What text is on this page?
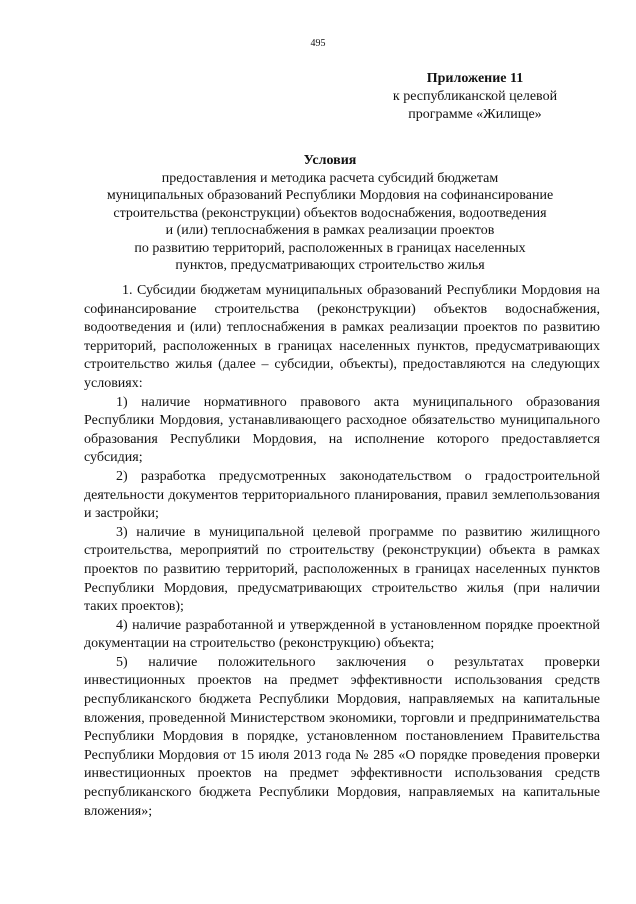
495
Приложение 11
к республиканской целевой
программе «Жилище»
Условия
предоставления и методика расчета субсидий бюджетам
муниципальных образований Республики Мордовия на софинансирование
строительства (реконструкции) объектов водоснабжения, водоотведения
и (или) теплоснабжения в рамках реализации проектов
по развитию территорий, расположенных в границах населенных
пунктов, предусматривающих строительство жилья

1. Субсидии бюджетам муниципальных образований Республики Мордовия на софинансирование строительства (реконструкции) объектов водоснабжения, водоотведения и (или) теплоснабжения в рамках реализации проектов по развитию территорий, расположенных в границах населенных пунктов, предусматривающих строительство жилья (далее – субсидии, объекты), предоставляются на следующих условиях:

1) наличие нормативного правового акта муниципального образования Республики Мордовия, устанавливающего расходное обязательство муниципального образования Республики Мордовия, на исполнение которого предоставляется субсидия;

2) разработка предусмотренных законодательством о градостроительной деятельности документов территориального планирования, правил землепользования и застройки;

3) наличие в муниципальной целевой программе по развитию жилищного строительства, мероприятий по строительству (реконструкции) объекта в рамках проектов по развитию территорий, расположенных в границах населенных пунктов Республики Мордовия, предусматривающих строительство жилья (при наличии таких проектов);

4) наличие разработанной и утвержденной в установленном порядке проектной документации на строительство (реконструкцию) объекта;

5) наличие положительного заключения о результатах проверки инвестиционных проектов на предмет эффективности использования средств республиканского бюджета Республики Мордовия, направляемых на капитальные вложения, проведенной Министерством экономики, торговли и предпринимательства Республики Мордовия в порядке, установленном постановлением Правительства Республики Мордовия от 15 июля 2013 года № 285 «О порядке проведения проверки инвестиционных проектов на предмет эффективности использования средств республиканского бюджета Республики Мордовия, направляемых на капитальные вложения»;
